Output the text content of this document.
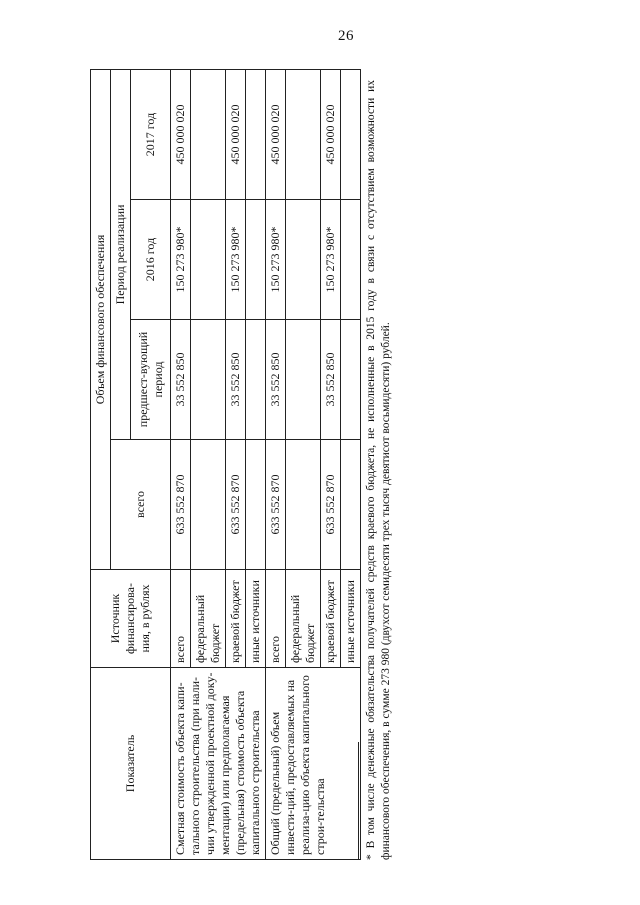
26
Показатель	Источник финансирова-ния, в рублях	Объем финансового обеспечения			
		всего	Период реализации		
			предшест-вующий период	2016 год	2017 год
Сметная стоимость объекта капи-тального строительства (при нали-чии утвержденной проектной доку-ментации) или предполагаемая (предельная) стоимость объекта капитального строительства	всего	633 552 870	33 552 850	150 273 980*	450 000 020
	федеральный бюджет				
	краевой бюджет	633 552 870	33 552 850	150 273 980*	450 000 020
	иные источники				
Общий (предельный) объем инвести-ций, предоставляемых на реализа-цию объекта капитального строи-тельства	всего	633 552 870	33 552 850	150 273 980*	450 000 020
	федеральный бюджет				
	краевой бюджет	633 552 870	33 552 850	150 273 980*	450 000 020
	иные источники				* В том числе денежные обязательства получателей средств краевого бюджета, не исполненные в 2015 году в связи с отсутствием возможности их финансового обеспечения, в сумме 273 980 (двухсот семидесяти трех тысяч девятисот восьмидесяти) рублей.
